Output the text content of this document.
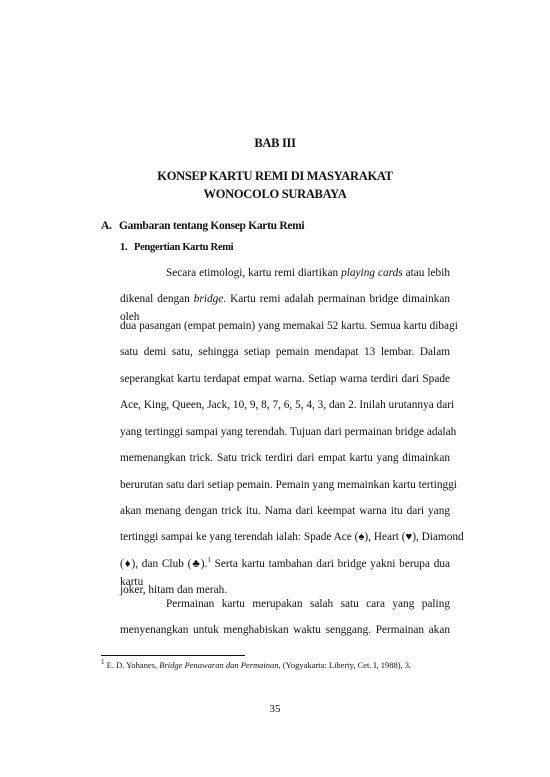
BAB III
KONSEP KARTU REMI DI MASYARAKAT WONOCOLO SURABAYA
A. Gambaran tentang Konsep Kartu Remi
1. Pengertian Kartu Remi
Secara etimologi, kartu remi diartikan playing cards atau lebih
dikenal dengan bridge. Kartu remi adalah permainan bridge dimainkan oleh
dua pasangan (empat pemain) yang memakai 52 kartu. Semua kartu dibagi
satu demi satu, sehingga setiap pemain mendapat 13 lembar. Dalam
seperangkat kartu terdapat empat warna. Setiap warna terdiri dari Spade
Ace, King, Queen, Jack, 10, 9, 8, 7, 6, 5, 4, 3, dan 2. Inilah urutannya dari
yang tertinggi sampai yang terendah. Tujuan dari permainan bridge adalah
memenangkan trick. Satu trick terdiri dari empat kartu yang dimainkan
berurutan satu dari setiap pemain. Pemain yang memainkan kartu tertinggi
akan menang dengan trick itu. Nama dari keempat warna itu dari yang
tertinggi sampai ke yang terendah ialah: Spade Ace (♠), Heart (♥), Diamond
(♦), dan Club (♣).$^1$ Serta kartu tambahan dari bridge yakni berupa dua kartu
joker, hitam dan merah.
Permainan kartu merupakan salah satu cara yang paling
menyenangkan untuk menghabiskan waktu senggang. Permainan akan
$^1$ E. D. Yohanes, Bridge Penawaran dan Permainan, (Yogyakarta: Liberty, Cet. I, 1988), 3.
35
